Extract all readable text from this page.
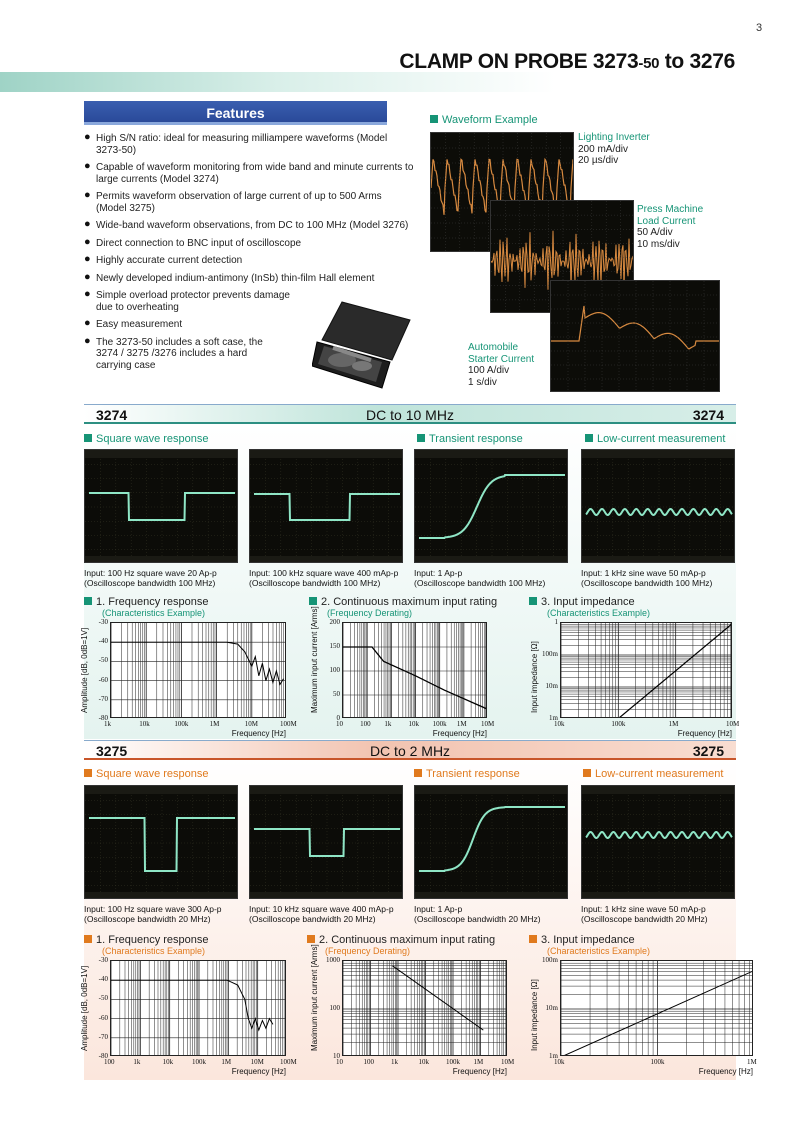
3
CLAMP ON PROBE 3273-50 to 3276
Features
● High S/N ratio: ideal for measuring milliampere waveforms (Model 3273-50)
● Capable of waveform monitoring from wide band and minute currents to large currents (Model 3274)
● Permits waveform observation of large current of up to 500 Arms (Model 3275)
● Wide-band waveform observations, from DC to 100 MHz (Model 3276)
● Direct connection to BNC input of oscilloscope
● Highly accurate current detection
● Newly developed indium-antimony (InSb) thin-film Hall element
● Simple overload protector prevents damage due to overheating
● Easy measurement
● The 3273-50 includes a soft case, the 3274 / 3275 /3276 includes a hard carrying case
Waveform Example
Lighting Inverter
200 mA/div
20 µs/div
Press Machine
Load Current
50 A/div
10 ms/div
Automobile
Starter Current
100 A/div
1 s/div
3274	DC to 10 MHz	3274
Square wave response	Transient response	Low-current measurement
Input: 100 Hz square wave 20 Ap-p
(Oscilloscope bandwidth 100 MHz)
Input: 100 kHz square wave 400 mAp-p
(Oscilloscope bandwidth 100 MHz)
Input: 1 Ap-p
(Oscilloscope bandwidth 100 MHz)
Input: 1 kHz sine wave 50 mAp-p
(Oscilloscope bandwidth 100 MHz)
1. Frequency response
(Characteristics Example)
2. Continuous maximum input rating
(Frequency Derating)
3. Input impedance
(Characteristics Example)
-30
-40
-50
-60
-70
-80
1k	10k	100k	1M	10M	100M
Frequency [Hz]
Amplitude [dB, 0dB=1V]
200
150
100
50
0
10 100 1k 10k 100k 1M 10M
Frequency [Hz]
Maximum input current [Arms]	1
100m
10m
1m
10k	100k	1M	10M
Frequency [Hz]
Input impedance [Ω]
3275	DC to 2 MHz	3275
Square wave response	Transient response	Low-current measurement
Input: 100 Hz square wave 300 Ap-p
(Oscilloscope bandwidth 20 MHz)
Input: 10 kHz square wave 400 mAp-p
(Oscilloscope bandwidth 20 MHz)
Input: 1 Ap-p
(Oscilloscope bandwidth 20 MHz)
Input: 1 kHz sine wave 50 mAp-p
(Oscilloscope bandwidth 20 MHz)
1. Frequency response
(Characteristics Example)
2. Continuous maximum input rating
(Frequency Derating)
3. Input impedance
(Characteristics Example)
-30
-40
-50
-60
-70
-80
100	1k	10k	100k 1M	10M 100M
Frequency [Hz]
Amplitude [dB, 0dB=1V]
1000
100
10
10	100 1k	10k 100k 1M	10M
Frequency [Hz]
Maximum input current [Arms]	100m
10m
1m
10k	100k	1M
Frequency [Hz]
Input impedance [Ω]
